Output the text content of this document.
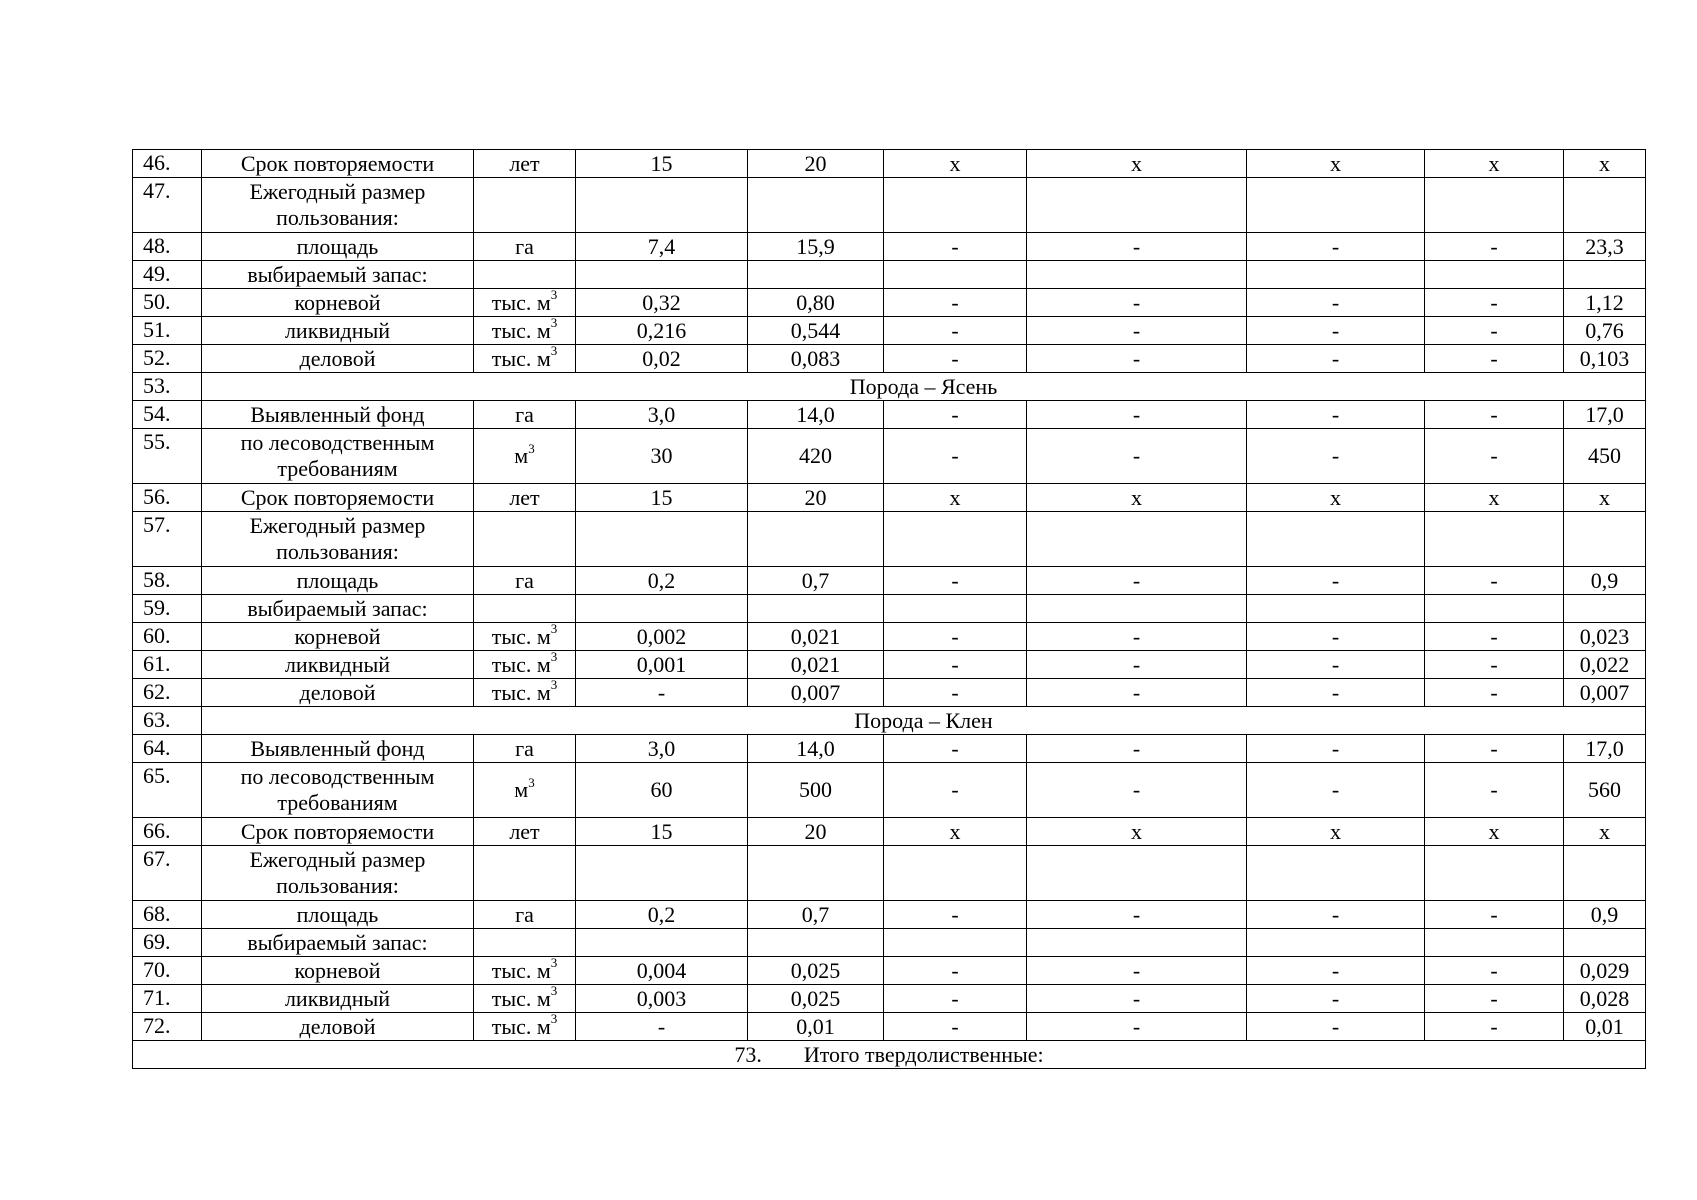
46.	Срок повторяемости	лет	15	20	x	x	x	x	x
47.	Ежегодный размер пользования:								
48.	площадь	га	7,4	15,9	-	-	-	-	23,3
49.	выбираемый запас:								
50.	корневой	тыс. $м^3$	0,32	0,80	-	-	-	-	1,12
51.	ликвидный	тыс. $м^3$	0,216	0,544	-	-	-	-	0,76
52.	деловой	тыс. $м^3$	0,02	0,083	-	-	-	-	0,103
53.	Порода – Ясень								
54.	Выявленный фонд	га	3,0	14,0	-	-	-	-	17,0
55.	по лесоводственным требованиям	$м^3$	30	420	-	-	-	-	450
56.	Срок повторяемости	лет	15	20	x	x	x	x	x
57.	Ежегодный размер пользования:								
58.	площадь	га	0,2	0,7	-	-	-	-	0,9
59.	выбираемый запас:								
60.	корневой	тыс. $м^3$	0,002	0,021	-	-	-	-	0,023
61.	ликвидный	тыс. $м^3$	0,001	0,021	-	-	-	-	0,022
62.	деловой	тыс. $м^3$	-	0,007	-	-	-	-	0,007
63.	Порода – Клен								
64.	Выявленный фонд	га	3,0	14,0	-	-	-	-	17,0
65.	по лесоводственным требованиям	$м^3$	60	500	-	-	-	-	560
66.	Срок повторяемости	лет	15	20	x	x	x	x	x
67.	Ежегодный размер пользования:								
68.	площадь	га	0,2	0,7	-	-	-	-	0,9
69.	выбираемый запас:								
70.	корневой	тыс. $м^3$	0,004	0,025	-	-	-	-	0,029
71.	ликвидный	тыс. $м^3$	0,003	0,025	-	-	-	-	0,028
72.	деловой	тыс. $м^3$	-	0,01	-	-	-	-	0,01
73. Итого твердолиственные:									
